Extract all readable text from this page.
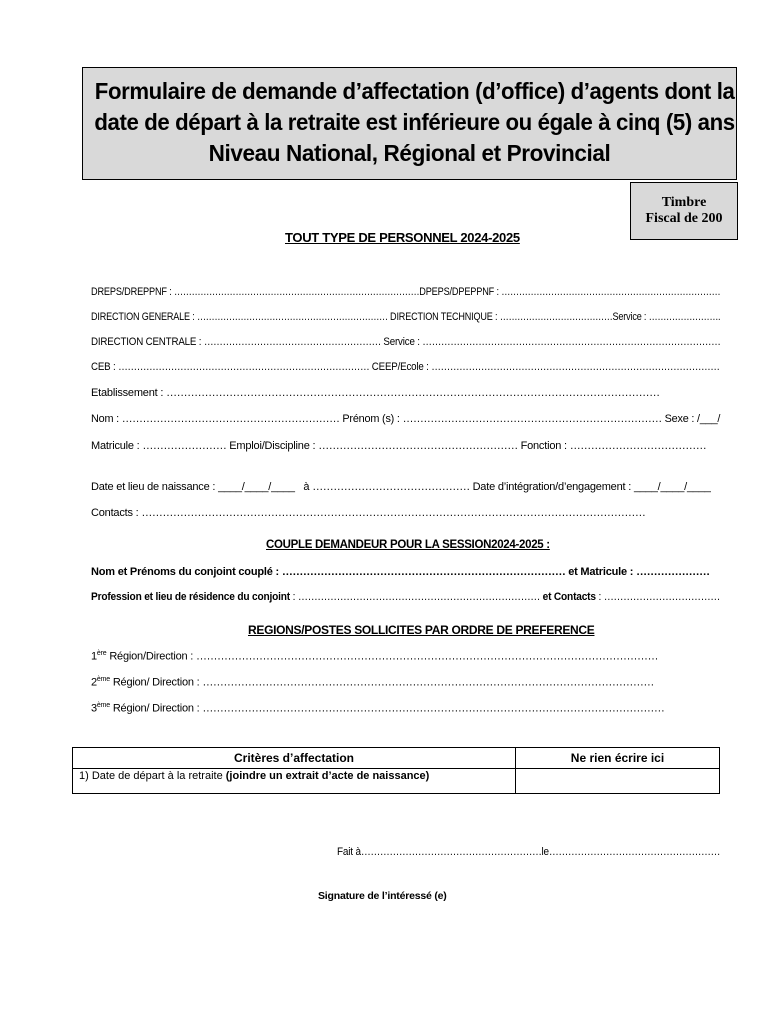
Formulaire de demande d’affectation (d’office) d’agents dont la
date de départ à la retraite est inférieure ou égale à cinq (5) ans
Niveau National, Régional et Provincial
Timbre
Fiscal de 200
TOUT TYPE DE PERSONNEL 2024-2025
DREPS/DREPPNF : …………………………………………………………………………DPEPS/DPEPPNF : …………………………………………………………………
DIRECTION GENERALE : ………………………………………………………… DIRECTION TECHNIQUE : …………………………………Service : …………………….
DIRECTION CENTRALE : ………………………………………………… Service : ……………………………………………………………………………………
CEB : ……………………………………………………………………… CEEP/Ecole : …………………………………………………………………………………
Etablissement : ……………………………………………………………………………………………………………………………
Nom : ……………………………………………………… Prénom (s) : ………………………………………………………………… Sexe : /___/
Matricule : …………………… Emploi/Discipline : ………………………………………………… Fonction : …………………………………
Date et lieu de naissance : ____/____/____ à ……………………………………… Date d’intégration/d’engagement : ____/____/____
Contacts : ………………………………………………………………………………………………………………………………
COUPLE DEMANDEUR POUR LA SESSION2024-2025 :
Nom et Prénoms du conjoint couplé : ……………………………………………………………………… et Matricule : …………………
Profession et lieu de résidence du conjoint : ………………………………………………………………… et Contacts : ………………………………
REGIONS/POSTES SOLLICITES PAR ORDRE DE PREFERENCE
1ère Région/Direction : ……………………………………………………………………………………………………………………
2ème Région/ Direction : …………………………………………………………………………………………………………………
3ème Région/ Direction : ……………………………………………………………………………………………………………………
Critères d’affectation	Ne rien écrire ici
1) Date de départ à la retraite (joindre un extrait d’acte de naissance)	
Fait à…………………………………………………le………………………………………………
Signature de l’intéressé (e)
